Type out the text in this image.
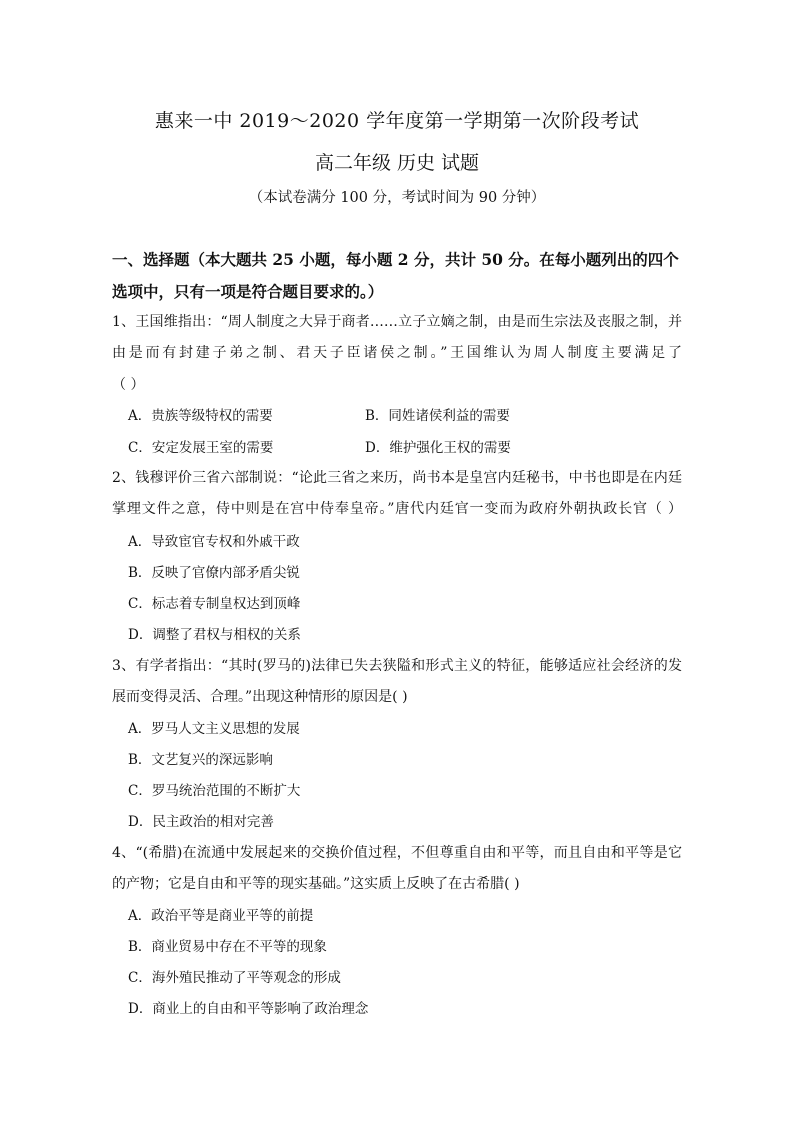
惠来一中 2019～2020 学年度第一学期第一次阶段考试
高二年级 历史 试题
（本试卷满分 100 分，考试时间为 90 分钟）
一、选择题（本大题共 25 小题，每小题 2 分，共计 50 分。在每小题列出的四个
选项中，只有一项是符合题目要求的。）
1、王国维指出：“周人制度之大异于商者……立子立嫡之制，由是而生宗法及丧服之制，并
由是而有封建子弟之制、君天子臣诸侯之制。”王国维认为周人制度主要满足了
（ ）
A．贵族等级特权的需要	B．同姓诸侯利益的需要
C．安定发展王室的需要	D．维护强化王权的需要
2、钱穆评价三省六部制说：“论此三省之来历，尚书本是皇宫内廷秘书，中书也即是在内廷
掌理文件之意，侍中则是在宫中侍奉皇帝。”唐代内廷官一变而为政府外朝执政长官（ ）
A．导致宦官专权和外戚干政
B．反映了官僚内部矛盾尖锐
C．标志着专制皇权达到顶峰
D．调整了君权与相权的关系
3、有学者指出：“其时(罗马的)法律已失去狭隘和形式主义的特征，能够适应社会经济的发
展而变得灵活、合理。”出现这种情形的原因是( )
A．罗马人文主义思想的发展
B．文艺复兴的深远影响
C．罗马统治范围的不断扩大
D．民主政治的相对完善
4、“(希腊)在流通中发展起来的交换价值过程，不但尊重自由和平等，而且自由和平等是它
的产物；它是自由和平等的现实基础。”这实质上反映了在古希腊( )
A．政治平等是商业平等的前提
B．商业贸易中存在不平等的现象
C．海外殖民推动了平等观念的形成
D．商业上的自由和平等影响了政治理念
